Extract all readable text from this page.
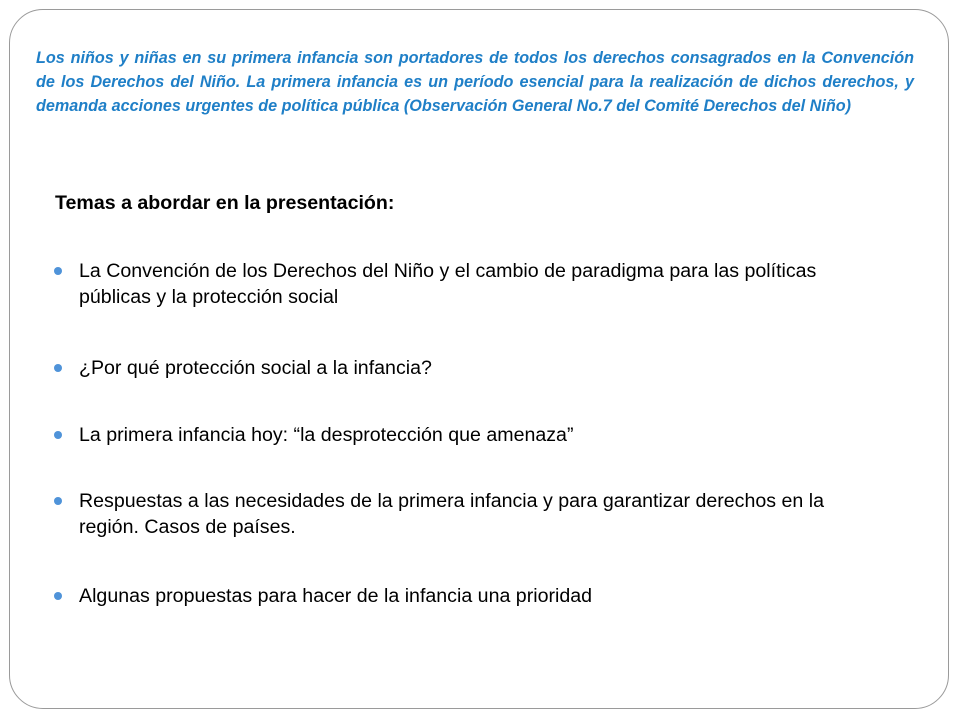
Los niños y niñas en su primera infancia son portadores de todos los derechos consagrados en la Convención de los Derechos del Niño. La primera infancia es un período esencial para la realización de dichos derechos, y demanda acciones urgentes de política pública (Observación General No.7 del Comité Derechos del Niño)

Temas a abordar en la presentación:
La Convención de los Derechos del Niño y el cambio de paradigma para las políticas públicas y la protección social
¿Por qué protección social a la infancia?
La primera infancia hoy: “la desprotección que amenaza”
Respuestas a las necesidades de la primera infancia y para garantizar derechos en la región. Casos de países.
Algunas propuestas para hacer de la infancia una prioridad
